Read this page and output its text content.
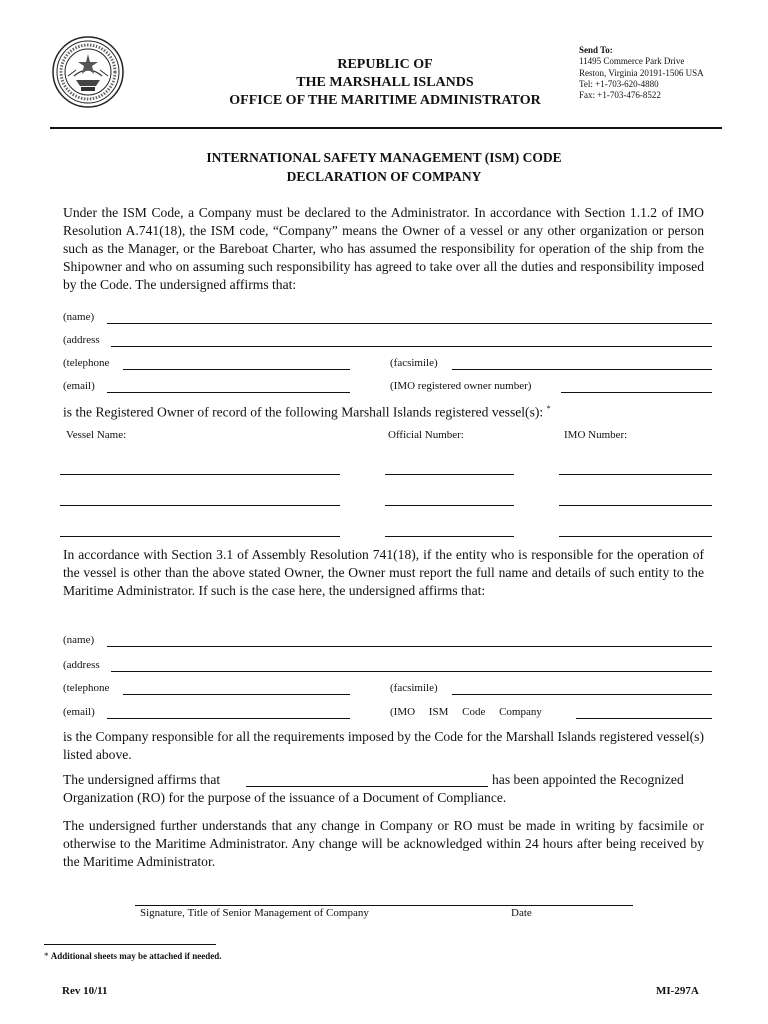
REPUBLIC OF
THE MARSHALL ISLANDS
OFFICE OF THE MARITIME ADMINISTRATOR
Send To:
11495 Commerce Park Drive
Reston, Virginia 20191-1506 USA
Tel: +1-703-620-4880
Fax: +1-703-476-8522
INTERNATIONAL SAFETY MANAGEMENT (ISM) CODE
DECLARATION OF COMPANY
Under the ISM Code, a Company must be declared to the Administrator. In accordance with Section 1.1.2 of IMO Resolution A.741(18), the ISM code, “Company” means the Owner of a vessel or any other organization or person such as the Manager, or the Bareboat Charter, who has assumed the responsibility for operation of the ship from the Shipowner and who on assuming such responsibility has agreed to take over all the duties and responsibility imposed by the Code. The undersigned affirms that:
(name)
(address
(telephone	(facsimile)
(email)	(IMO registered owner number)
is the Registered Owner of record of the following Marshall Islands registered vessel(s): *
Vessel Name:	Official Number:	IMO Number:
In accordance with Section 3.1 of Assembly Resolution 741(18), if the entity who is responsible for the operation of the vessel is other than the above stated Owner, the Owner must report the full name and details of such entity to the Maritime Administrator. If such is the case here, the undersigned affirms that:
(name)
(address
(telephone	(facsimile)
(email)	(IMO     ISM     Code     Company
is the Company responsible for all the requirements imposed by the Code for the Marshall Islands registered vessel(s) listed above.
The undersigned affirms that	has been appointed the Recognized
Organization (RO) for the purpose of the issuance of a Document of Compliance.
The undersigned further understands that any change in Company or RO must be made in writing by facsimile or otherwise to the Maritime Administrator. Any change will be acknowledged within 24 hours after being received by the Maritime Administrator.
Signature, Title of Senior Management of Company	Date
* Additional sheets may be attached if needed.
Rev 10/11	MI-297A
